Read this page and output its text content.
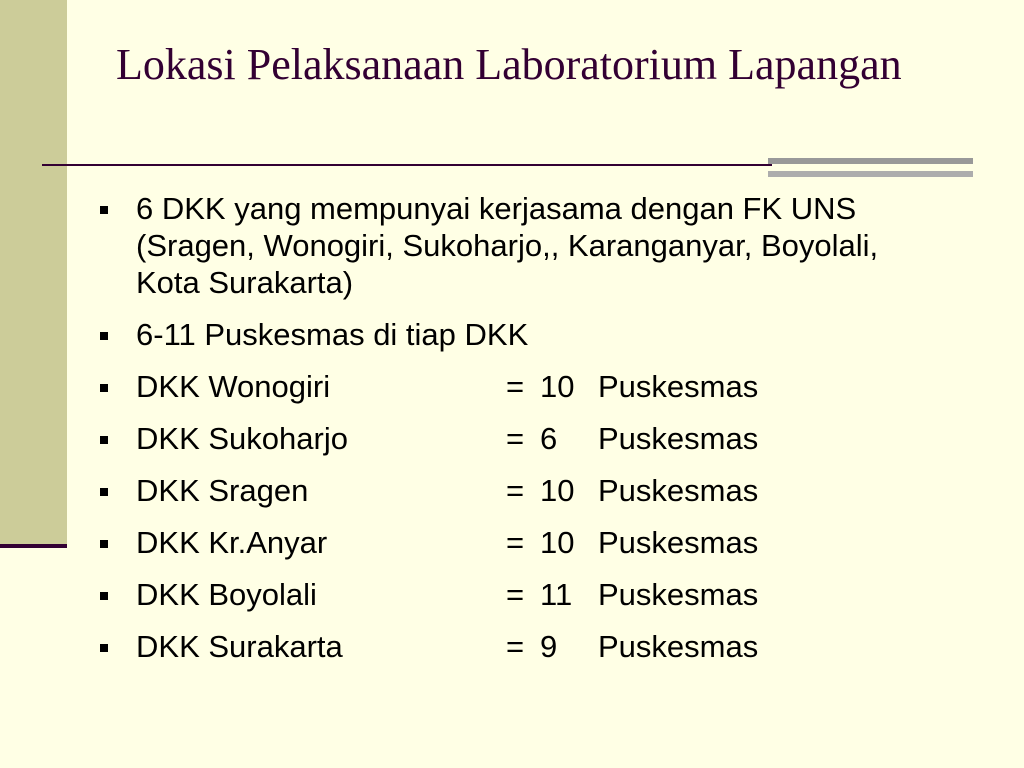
Lokasi Pelaksanaan Laboratorium Lapangan
6 DKK yang mempunyai kerjasama dengan FK UNS (Sragen, Wonogiri, Sukoharjo,, Karanganyar, Boyolali, Kota Surakarta)
6-11 Puskesmas di tiap DKK
DKK Wonogiri	= 10 Puskesmas
DKK Sukoharjo	= 6	Puskesmas
DKK Sragen	= 10 Puskesmas
DKK Kr.Anyar	= 10 Puskesmas
DKK Boyolali	= 11 Puskesmas
DKK Surakarta	= 9	Puskesmas
